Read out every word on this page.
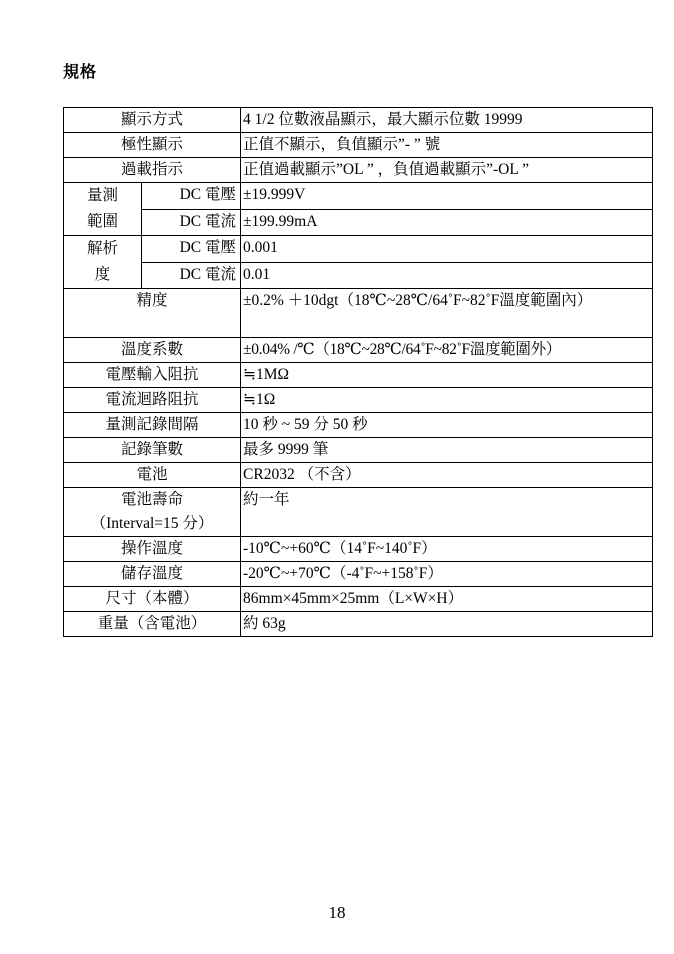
規格
顯示方式		4 1/2 位數液晶顯示，最大顯示位數 19999
極性顯示		正值不顯示，負值顯示”- ” 號
過載指示		正值過載顯示”OL ” ，負值過載顯示”-OL ”

量測
範圍	DC 電壓	±19.999V
	DC 電流	±199.99mA

解析
度	DC 電壓	0.001
	DC 電流	0.01
精度		±0.2% ＋10dgt（18℃~28℃/64˚F~82˚F溫度範圍內）
溫度系數		±0.04% /℃（18℃~28℃/64˚F~82˚F溫度範圍外）
電壓輸入阻抗		≒1MΩ
電流迴路阻抗		≒1Ω
量測記錄間隔		10 秒 ~ 59 分 50 秒
記錄筆數		最多 9999 筆
電池		CR2032 （不含）

電池壽命
（Interval=15 分）		約一年
操作溫度		-10℃~+60℃（14˚F~140˚F）
儲存溫度		-20℃~+70℃（-4˚F~+158˚F）
尺寸（本體）		86mm×45mm×25mm（L×W×H）
重量（含電池）		約 63g
18
